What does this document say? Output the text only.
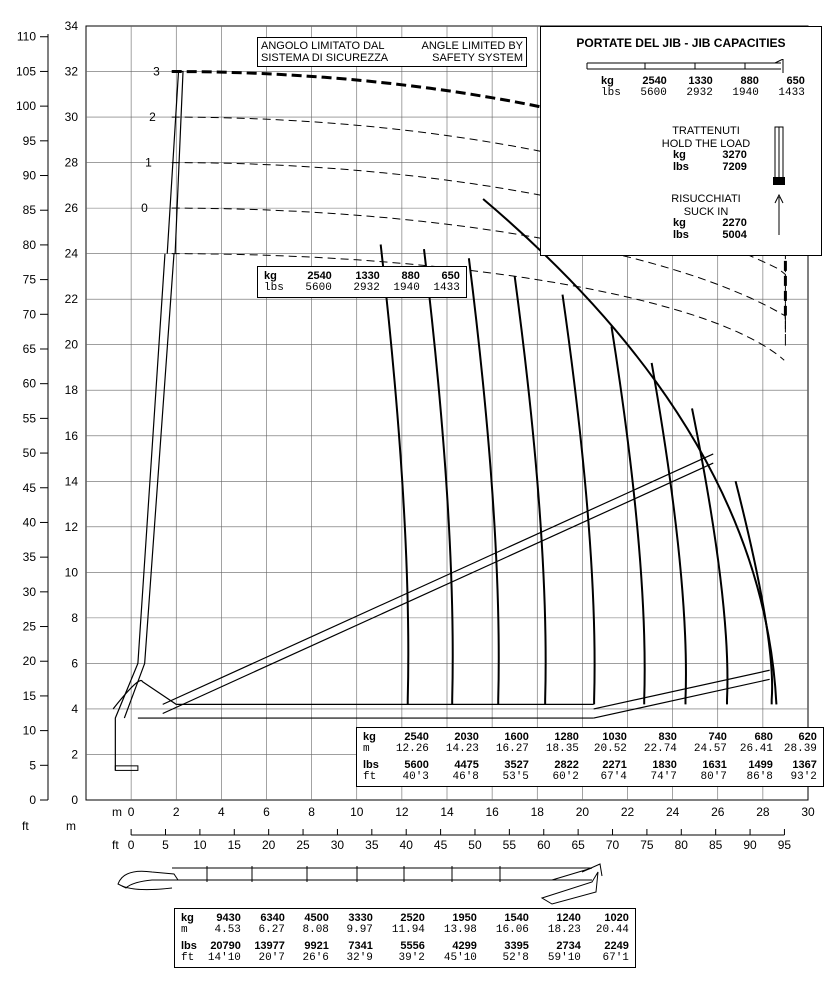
0
1
2
3
0
2
4
6
8
10
12
14
16
18
20
22
24
26
28
30
32
34
0
5
10
15
20
25
30
35
40
45
50
55
60
65
70
75
80
85
90
95
100
105
110
0	2	4	6	8	10	12	14	16	18	20	22	24	26	28	30
0 5 10 15 20 25 30 35 40 45 50 55 60 65 70 75 80 85 90 95
ft	m
m
ft
ANGOLO LIMITATO DAL
SISTEMA DI SICUREZZA
ANGLE LIMITED BY
SAFETY SYSTEM
PORTATE DEL JIB - JIB CAPACITIES
kg	2540	1330	880	650
lbs	5600	2932	1940	1433
TRATTENUTI
HOLD THE LOAD
kg	3270
lbs	7209
RISUCCHIATI
SUCK IN
kg	2270
lbs	5004
kg	2540	1330	880	650
lbs	5600	2932	1940	1433
kg	2540	2030	1600	1280	1030	830	740	680	620
m	12.26	14.23	16.27	18.35	20.52	22.74	24.57	26.41	28.39

lbs	5600	4475	3527	2822	2271	1830	1631	1499	1367
ft	40'3	46'8	53'5	60'2	67'4	74'7	80'7	86'8	93'2
kg	9430	6340	4500	3330	2520	1950	1540	1240	1020
m	4.53	6.27	8.08	9.97	11.94	13.98	16.06	18.23	20.44

lbs	20790	13977	9921	7341	5556	4299	3395	2734	2249
ft	14'10	20'7	26'6	32'9	39'2	45'10	52'8	59'10	67'1
